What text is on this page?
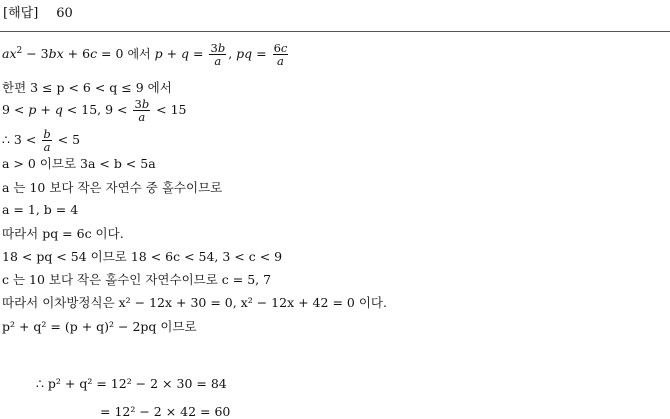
[해답] 60
$ax^2 - 3bx + 6c = 0$ 에서 $p + q = \frac{3b}{a}$ , pq = $\frac{6c}{a}$
한편 3 ≤ p < 6 < q ≤ 9 에서
9 < p + q < 15, $9 < \frac{3b}{a} < 15$
∴ $3 < \frac{b}{a} < 5$
a > 0 이므로 3a < b < 5a
a 는 10 보다 작은 자연수 중 홀수이므로
a = 1, b = 4
따라서 pq = 6c 이다.
18 < pq < 54 이므로 18 < 6c < 54, 3 < c < 9
c 는 10 보다 작은 홀수인 자연수이므로 c = 5, 7
따라서 이차방정식은 x² − 12x + 30 = 0, x² − 12x + 42 = 0 이다.
p² + q² = (p + q)² − 2pq 이므로
∴ p² + q² = 12² − 2 × 30 = 84
= 12² − 2 × 42 = 60
